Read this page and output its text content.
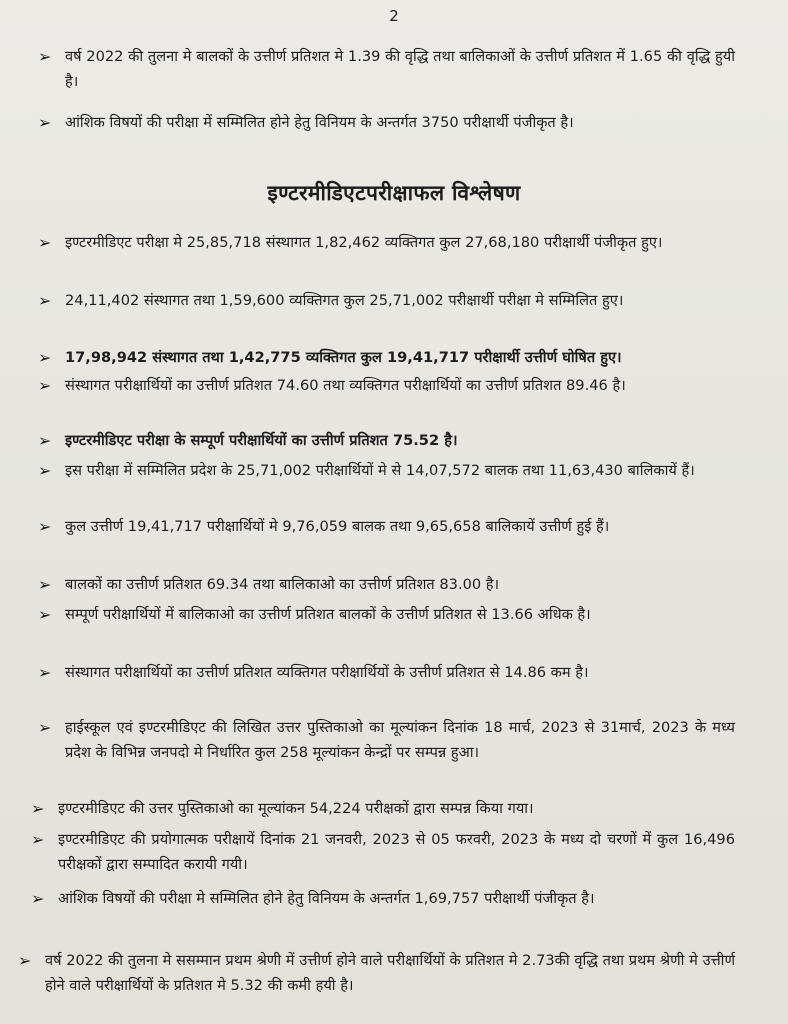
2

➢ वर्ष 2022 की तुलना मे बालकों के उत्तीर्ण प्रतिशत मे 1.39 की वृद्धि तथा बालिकाओं के उत्तीर्ण प्रतिशत में 1.65 की वृद्धि हुयी है।

➢ आंशिक विषयों की परीक्षा में सम्मिलित होने हेतु विनियम के अन्तर्गत 3750 परीक्षार्थी पंजीकृत है।

इण्टरमीडिएटपरीक्षाफल विश्लेषण

➢ इण्टरमीडिएट परीक्षा मे 25,85,718 संस्थागत 1,82,462 व्यक्तिगत कुल 27,68,180 परीक्षार्थी पंजीकृत हुए।

➢ 24,11,402 संस्थागत तथा 1,59,600 व्यक्तिगत कुल 25,71,002 परीक्षार्थी परीक्षा मे सम्मिलित हुए।

➢ 17,98,942 संस्थागत तथा 1,42,775 व्यक्तिगत कुल 19,41,717 परीक्षार्थी उत्तीर्ण घोषित हुए।

➢ संस्थागत परीक्षार्थियों का उत्तीर्ण प्रतिशत 74.60 तथा व्यक्तिगत परीक्षार्थियों का उत्तीर्ण प्रतिशत 89.46 है।

➢ इण्टरमीडिएट परीक्षा के सम्पूर्ण परीक्षार्थियों का उत्तीर्ण प्रतिशत 75.52 है।

➢ इस परीक्षा में सम्मिलित प्रदेश के 25,71,002 परीक्षार्थियों मे से 14,07,572 बालक तथा 11,63,430 बालिकायें हैं।

➢ कुल उत्तीर्ण 19,41,717 परीक्षार्थियों मे 9,76,059 बालक तथा 9,65,658 बालिकायें उत्तीर्ण हुई हैं।

➢ बालकों का उत्तीर्ण प्रतिशत 69.34 तथा बालिकाओ का उत्तीर्ण प्रतिशत 83.00 है।

➢ सम्पूर्ण परीक्षार्थियों में बालिकाओ का उत्तीर्ण प्रतिशत बालकों के उत्तीर्ण प्रतिशत से 13.66 अधिक है।

➢ संस्थागत परीक्षार्थियों का उत्तीर्ण प्रतिशत व्यक्तिगत परीक्षार्थियों के उत्तीर्ण प्रतिशत से 14.86 कम है।

➢ हाईस्कूल एवं इण्टरमीडिएट की लिखित उत्तर पुस्तिकाओ का मूल्यांकन दिनांक 18 मार्च, 2023 से 31मार्च, 2023 के मध्य प्रदेश के विभिन्न जनपदो मे निर्धारित कुल 258 मूल्यांकन केन्द्रों पर सम्पन्न हुआ।

➢ इण्टरमीडिएट की उत्तर पुस्तिकाओ का मूल्यांकन 54,224 परीक्षकों द्वारा सम्पन्न किया गया।

➢ इण्टरमीडिएट की प्रयोगात्मक परीक्षायें दिनांक 21 जनवरी, 2023 से 05 फरवरी, 2023 के मध्य दो चरणों में कुल 16,496 परीक्षकों द्वारा सम्पादित करायी गयी।

➢ आंशिक विषयों की परीक्षा मे सम्मिलित होने हेतु विनियम के अन्तर्गत 1,69,757 परीक्षार्थी पंजीकृत है।

➢ वर्ष 2022 की तुलना मे ससम्मान प्रथम श्रेणी में उत्तीर्ण होने वाले परीक्षार्थियों के प्रतिशत मे 2.73की वृद्धि तथा प्रथम श्रेणी मे उत्तीर्ण होने वाले परीक्षार्थियों के प्रतिशत मे 5.32 की कमी हयी है।
